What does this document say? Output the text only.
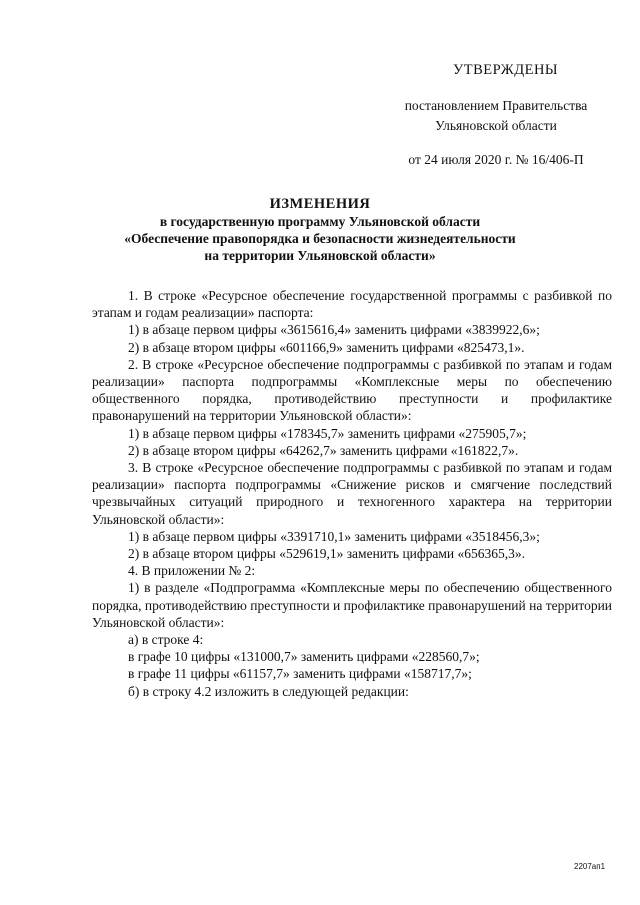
УТВЕРЖДЕНЫ
постановлением Правительства
Ульяновской области
от 24 июля 2020 г. № 16/406-П
ИЗМЕНЕНИЯ
в государственную программу Ульяновской области
«Обеспечение правопорядка и безопасности жизнедеятельности
на территории Ульяновской области»
1. В строке «Ресурсное обеспечение государственной программы с разбивкой по этапам и годам реализации» паспорта:
1) в абзаце первом цифры «3615616,4» заменить цифрами «3839922,6»;
2) в абзаце втором цифры «601166,9» заменить цифрами «825473,1».
2. В строке «Ресурсное обеспечение подпрограммы с разбивкой по этапам и годам реализации» паспорта подпрограммы «Комплексные меры по обеспечению общественного порядка, противодействию преступности и профилактике правонарушений на территории Ульяновской области»:
1) в абзаце первом цифры «178345,7» заменить цифрами «275905,7»;
2) в абзаце втором цифры «64262,7» заменить цифрами «161822,7».
3. В строке «Ресурсное обеспечение подпрограммы с разбивкой по этапам и годам реализации» паспорта подпрограммы «Снижение рисков и смягчение последствий чрезвычайных ситуаций природного и техногенного характера на территории Ульяновской области»:
1) в абзаце первом цифры «3391710,1» заменить цифрами «3518456,3»;
2) в абзаце втором цифры «529619,1» заменить цифрами «656365,3».
4. В приложении № 2:
1) в разделе «Подпрограмма «Комплексные меры по обеспечению общественного порядка, противодействию преступности и профилактике правонарушений на территории Ульяновской области»:
а) в строке 4:
в графе 10 цифры «131000,7» заменить цифрами «228560,7»;
в графе 11 цифры «61157,7» заменить цифрами «158717,7»;
б) в строку 4.2 изложить в следующей редакции:
2207ап1
